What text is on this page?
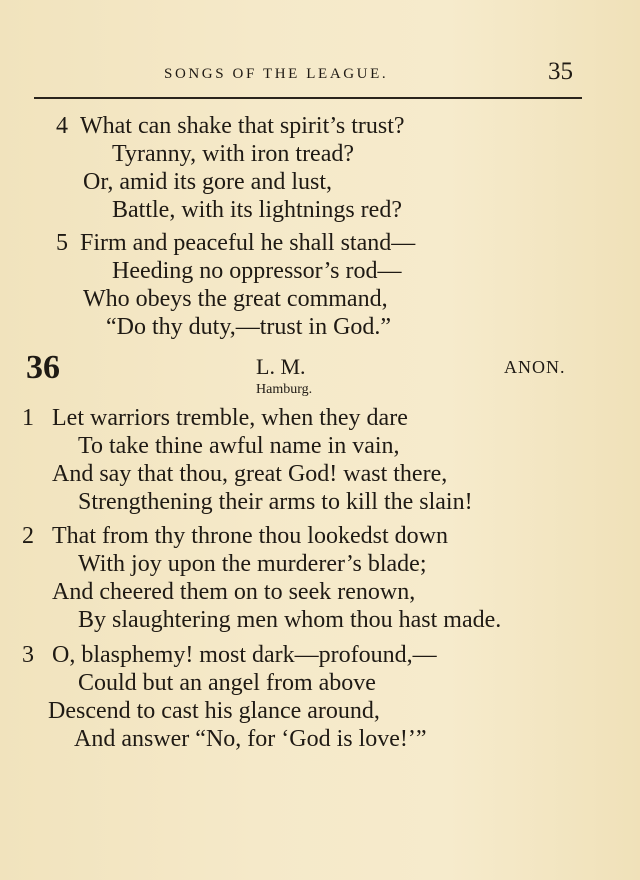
SONGS OF THE LEAGUE.	35
4 What can shake that spirit’s trust?
Tyranny, with iron tread?
Or, amid its gore and lust,
Battle, with its lightnings red?
5 Firm and peaceful he shall stand—
Heeding no oppressor’s rod—
Who obeys the great command,
“Do thy duty,—trust in God.”
36	L. M.	ANON.
Hamburg.
1 Let warriors tremble, when they dare
To take thine awful name in vain,
And say that thou, great God! wast there,
Strengthening their arms to kill the slain!
2 That from thy throne thou lookedst down
With joy upon the murderer’s blade;
And cheered them on to seek renown,
By slaughtering men whom thou hast made.
3 O, blasphemy! most dark—profound,—
Could but an angel from above
Descend to cast his glance around,
And answer “No, for ‘God is love!’”
